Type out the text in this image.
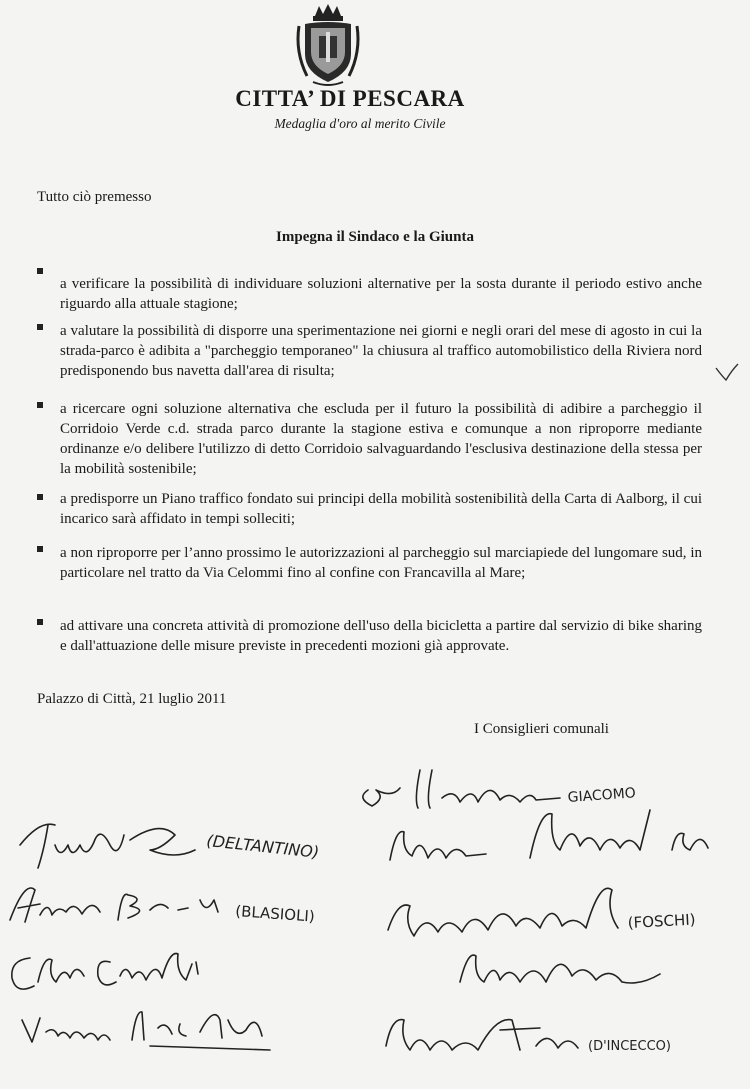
CITTA’ DI PESCARA
Medaglia d'oro al merito Civile
Tutto ciò premesso
Impegna il Sindaco e la Giunta
a verificare la possibilità di individuare soluzioni alternative per la sosta durante il periodo estivo anche riguardo alla attuale stagione;
a valutare la possibilità di disporre una sperimentazione nei giorni e negli orari del mese di agosto in cui la strada-parco è adibita a "parcheggio temporaneo" la chiusura al traffico automobilistico della Riviera nord predisponendo bus navetta dall'area di risulta;
a ricercare ogni soluzione alternativa che escluda per il futuro la possibilità di adibire a parcheggio il Corridoio Verde c.d. strada parco durante la stagione estiva e comunque a non riproporre mediante ordinanze e/o delibere l'utilizzo di detto Corridoio salvaguardando l'esclusiva destinazione della stessa per la mobilità sostenibile;
a predisporre un Piano traffico fondato sui principi della mobilità sostenibilità della Carta di Aalborg, il cui incarico sarà affidato in tempi solleciti;
a non riproporre per l’anno prossimo le autorizzazioni al parcheggio sul marciapiede del lungomare sud, in particolare nel tratto da Via Celommi fino al confine con Francavilla al Mare;
ad attivare una concreta attività di promozione dell'uso della bicicletta a partire dal servizio di bike sharing e dall'attuazione delle misure previste in precedenti mozioni già approvate.
Palazzo di Città, 21 luglio 2011
I Consiglieri comunali
(DELTANTINO)
(BLASIOLI)
GIACOMO
(FOSCHI)
(D'INCECCO)
